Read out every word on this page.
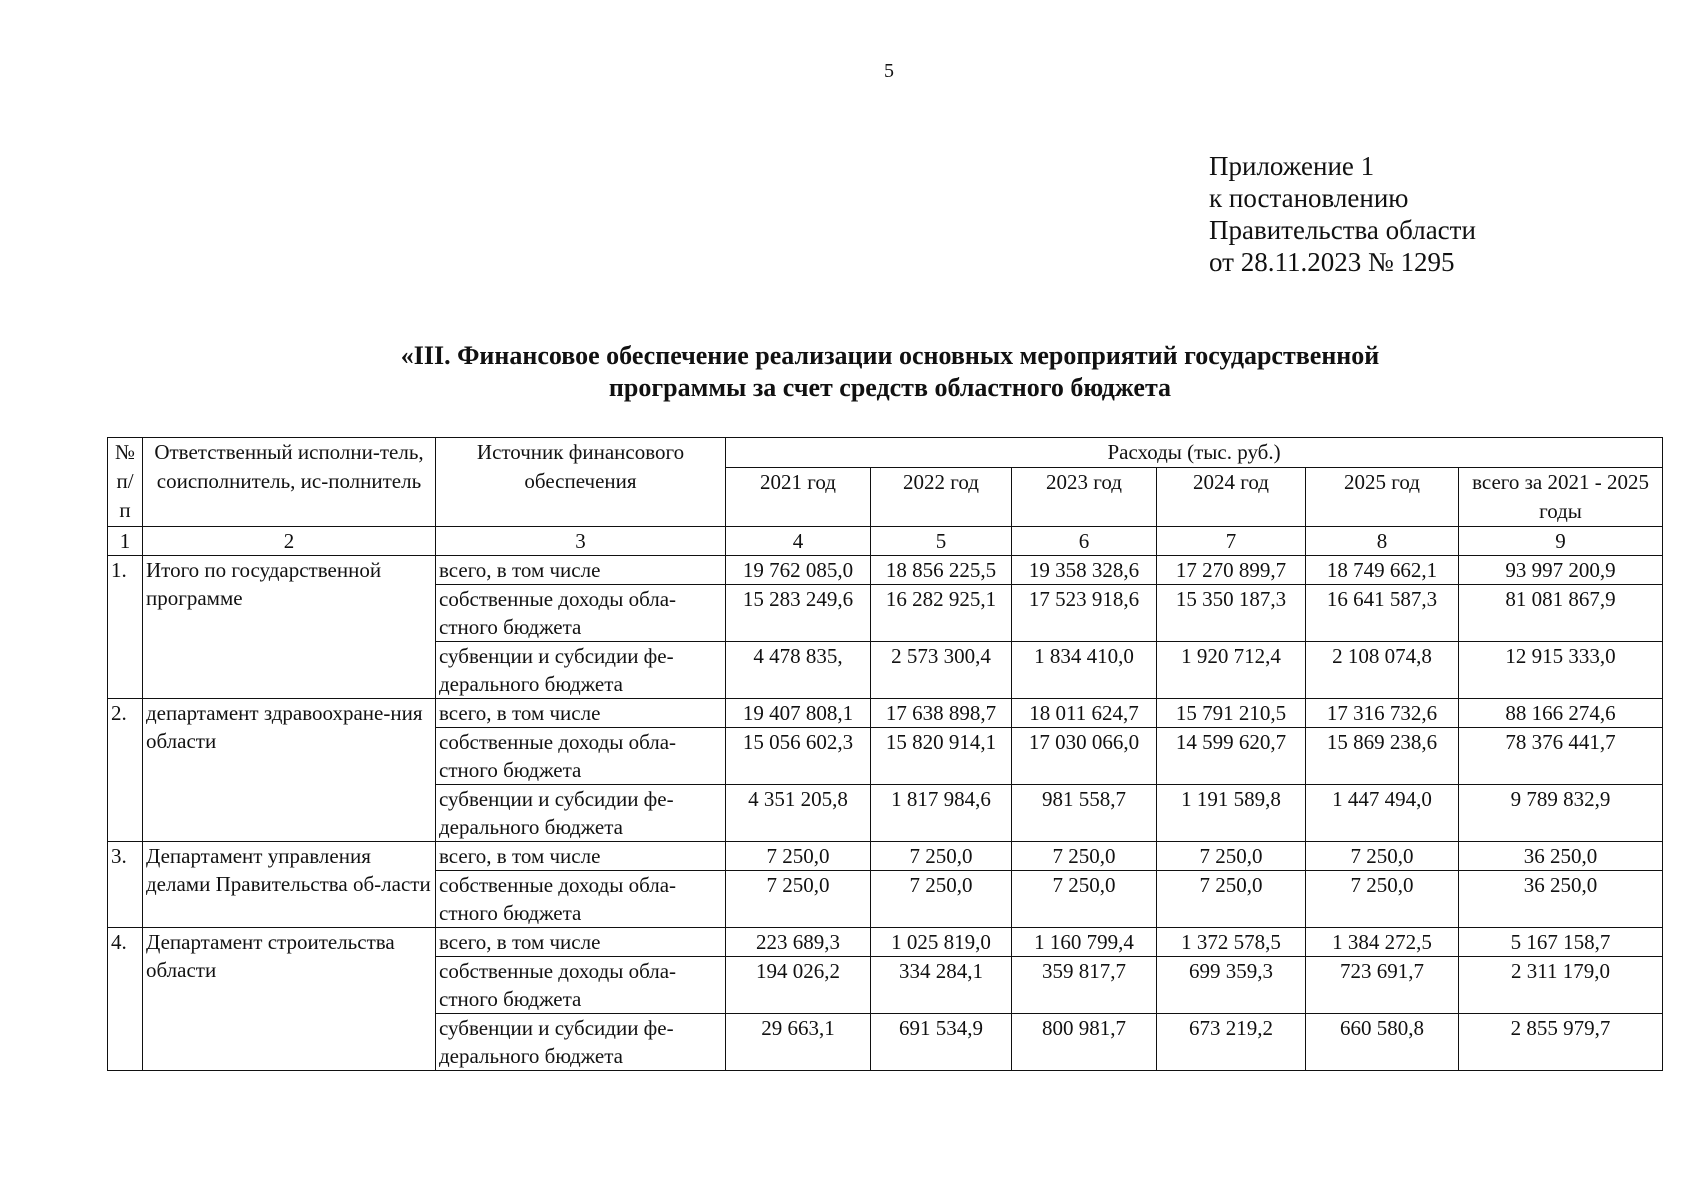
5
Приложение 1
к постановлению
Правительства области
от 28.11.2023 № 1295
«III. Финансовое обеспечение реализации основных мероприятий государственной
программы за счет средств областного бюджета
№ п/п	Ответственный исполни-тель, соисполнитель, ис-полнитель	Источник финансового обеспечения	Расходы (тыс. руб.)					
			2021 год	2022 год	2023 год	2024 год	2025 год	всего за 2021 - 2025 годы
1	2	3	4	5	6	7	8	9
1.	Итого по государственной программе	всего, в том числе	19 762 085,0	18 856 225,5	19 358 328,6	17 270 899,7	18 749 662,1	93 997 200,9
		собственные доходы обла-стного бюджета	15 283 249,6	16 282 925,1	17 523 918,6	15 350 187,3	16 641 587,3	81 081 867,9
		субвенции и субсидии фе-дерального бюджета	4 478 835,	2 573 300,4	1 834 410,0	1 920 712,4	2 108 074,8	12 915 333,0
2.	департамент здравоохране-ния области	всего, в том числе	19 407 808,1	17 638 898,7	18 011 624,7	15 791 210,5	17 316 732,6	88 166 274,6
		собственные доходы обла-стного бюджета	15 056 602,3	15 820 914,1	17 030 066,0	14 599 620,7	15 869 238,6	78 376 441,7
		субвенции и субсидии фе-дерального бюджета	4 351 205,8	1 817 984,6	981 558,7	1 191 589,8	1 447 494,0	9 789 832,9
3.	Департамент управления делами Правительства об-ласти	всего, в том числе	7 250,0	7 250,0	7 250,0	7 250,0	7 250,0	36 250,0
		собственные доходы обла-стного бюджета	7 250,0	7 250,0	7 250,0	7 250,0	7 250,0	36 250,0
4.	Департамент строительства области	всего, в том числе	223 689,3	1 025 819,0	1 160 799,4	1 372 578,5	1 384 272,5	5 167 158,7
		собственные доходы обла-стного бюджета	194 026,2	334 284,1	359 817,7	699 359,3	723 691,7	2 311 179,0
		субвенции и субсидии фе-дерального бюджета	29 663,1	691 534,9	800 981,7	673 219,2	660 580,8	2 855 979,7
